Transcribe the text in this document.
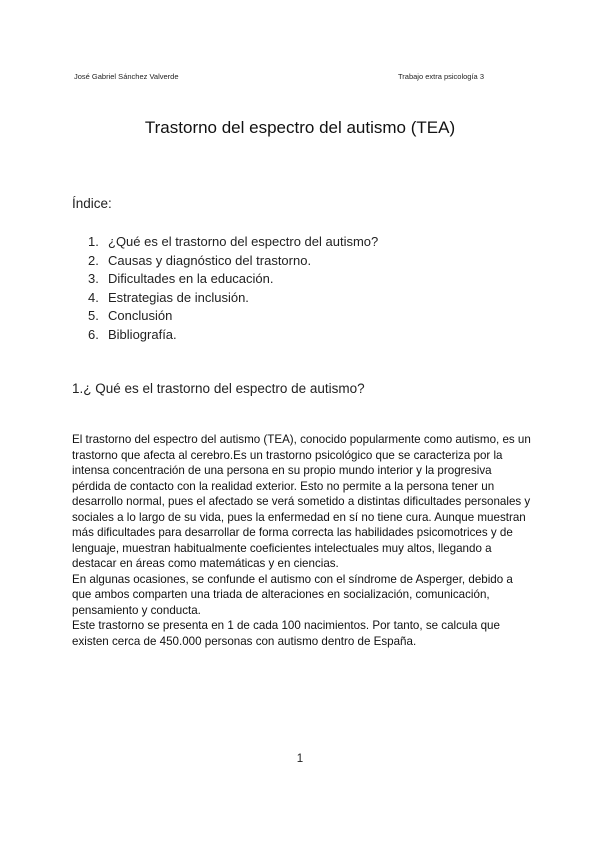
José Gabriel Sánchez Valverde	Trabajo extra psicología 3
Trastorno del espectro del autismo (TEA)
Índice:
1. ¿Qué es el trastorno del espectro del autismo?
2. Causas y diagnóstico del trastorno.
3. Dificultades en la educación.
4. Estrategias de inclusión.
5. Conclusión
6. Bibliografía.
1.¿ Qué es el trastorno del espectro de autismo?

El trastorno del espectro del autismo (TEA), conocido popularmente como autismo, es un trastorno que afecta al cerebro.Es un trastorno psicológico que se caracteriza por la intensa concentración de una persona en su propio mundo interior y la progresiva pérdida de contacto con la realidad exterior. Esto no permite a la persona tener un desarrollo normal, pues el afectado se verá sometido a distintas dificultades personales y sociales a lo largo de su vida, pues la enfermedad en sí no tiene cura. Aunque muestran más dificultades para desarrollar de forma correcta las habilidades psicomotrices y de lenguaje, muestran habitualmente coeficientes intelectuales muy altos, llegando a destacar en áreas como matemáticas y en ciencias.

En algunas ocasiones, se confunde el autismo con el síndrome de Asperger, debido a que ambos comparten una triada de alteraciones en socialización, comunicación, pensamiento y conducta.

Este trastorno se presenta en 1 de cada 100 nacimientos. Por tanto, se calcula que existen cerca de 450.000 personas con autismo dentro de España.

1
